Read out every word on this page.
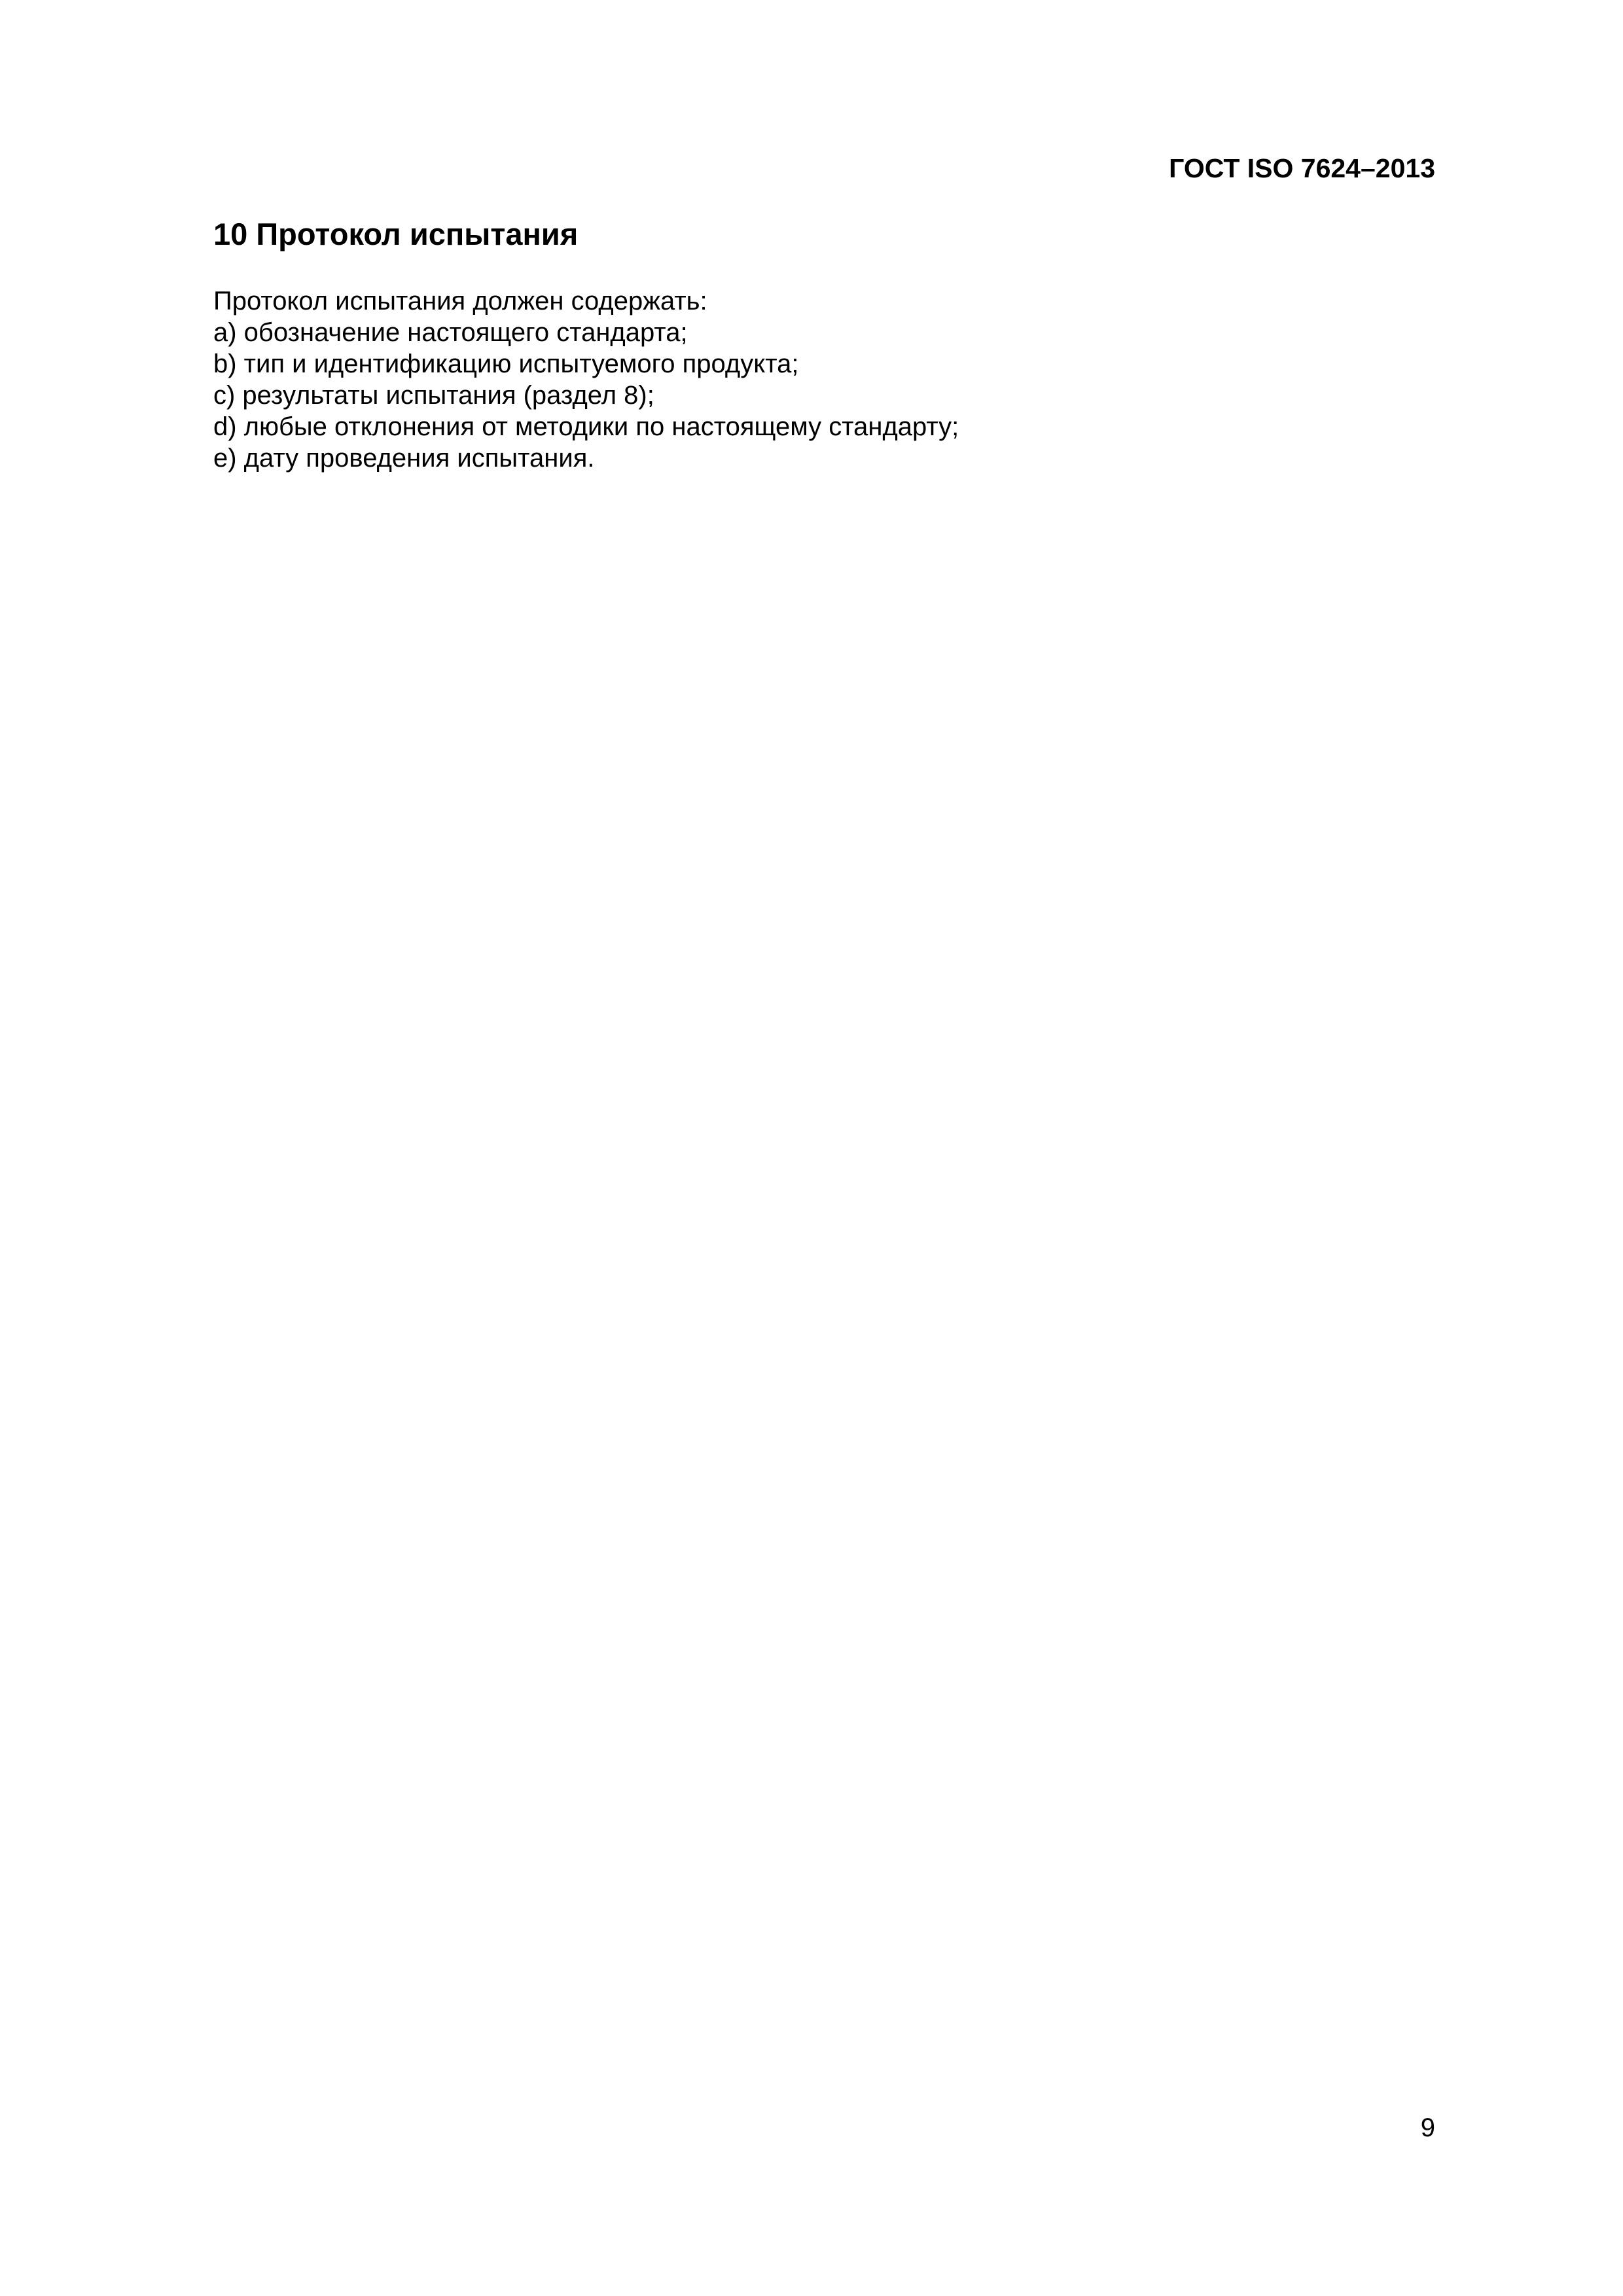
ГОСТ ISO 7624–2013
10 Протокол испытания

Протокол испытания должен содержать:

a) обозначение настоящего стандарта;
b) тип и идентификацию испытуемого продукта;
c) результаты испытания (раздел 8);
d) любые отклонения от методики по настоящему стандарту;
e) дату проведения испытания.
9
